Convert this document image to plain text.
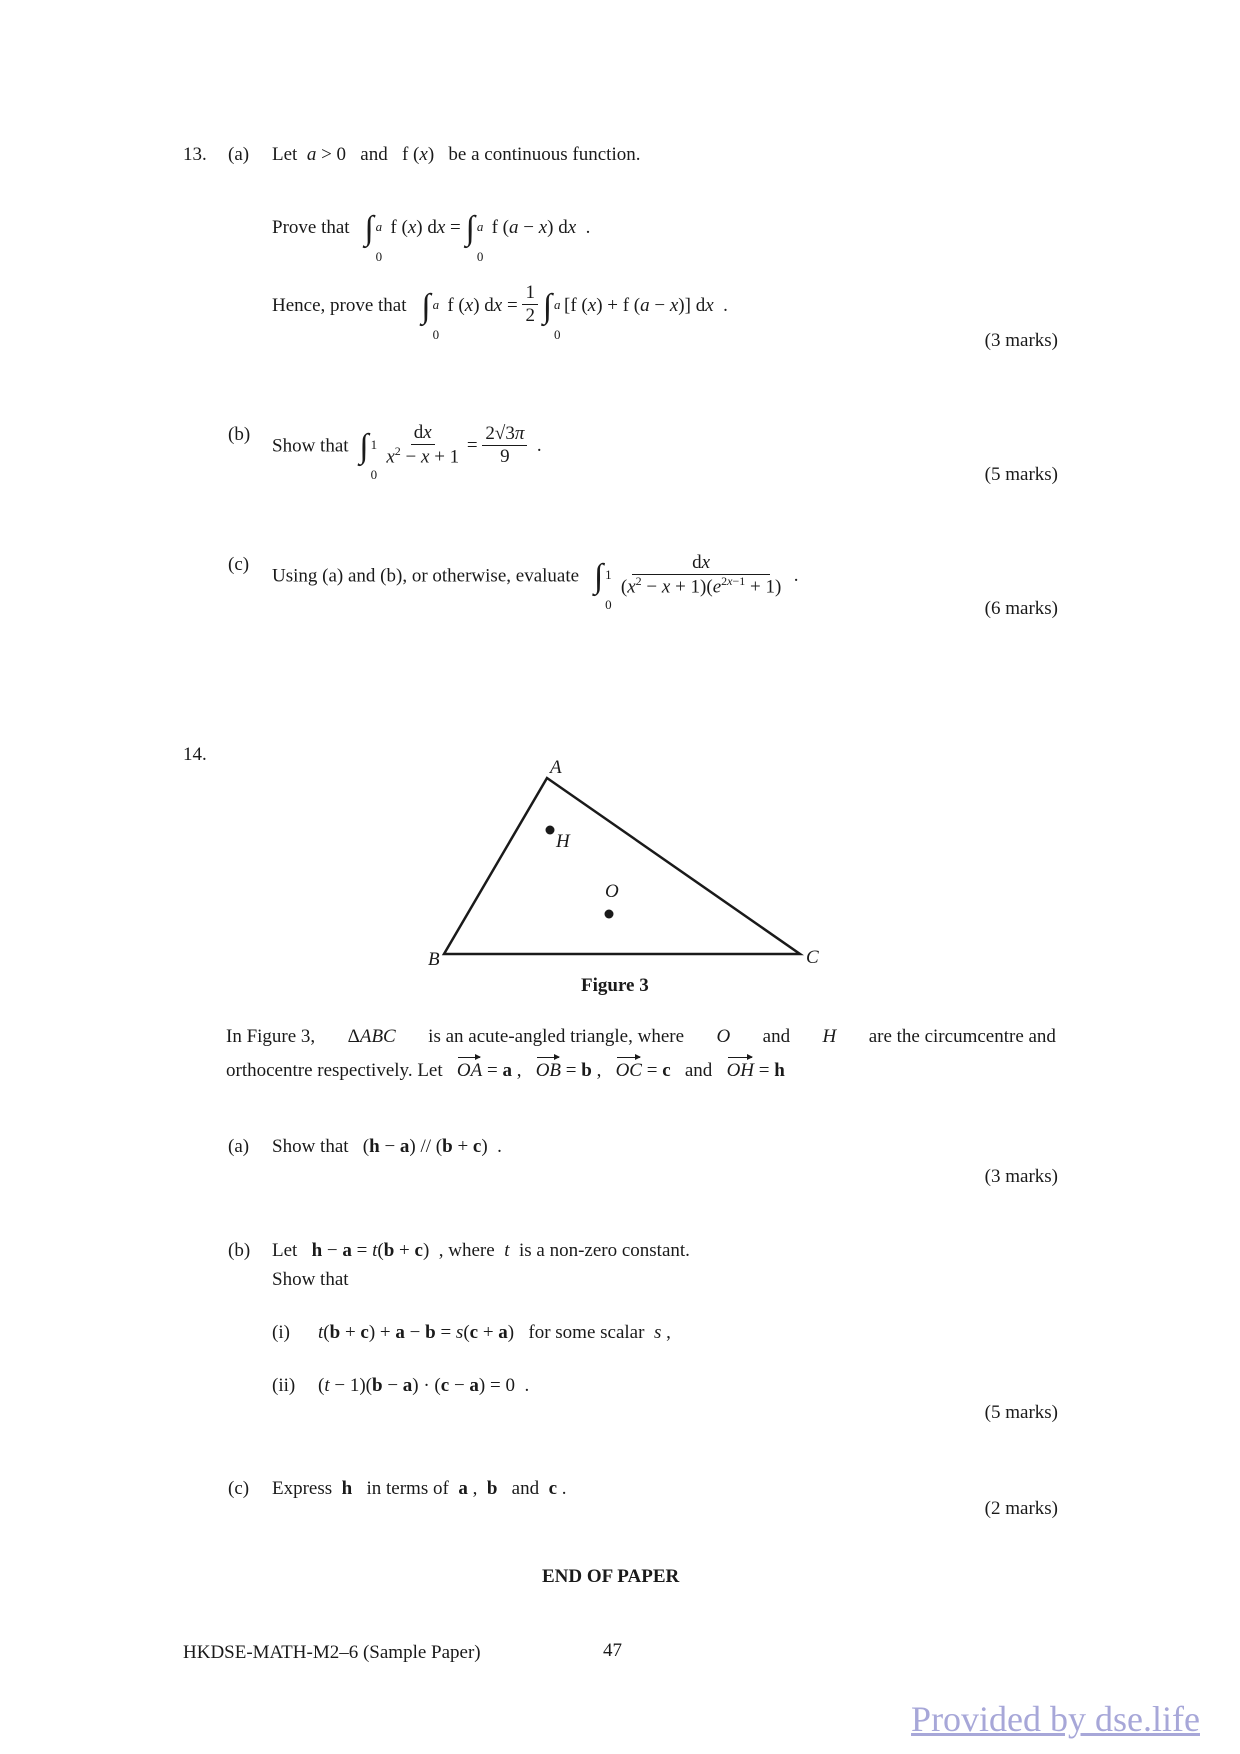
13. (a) Let a > 0   and f (x) be a continuous function.
Prove that ∫ a
0
f (x) dx = ∫ a
0
f (a − x) dx  .
Hence, prove that ∫ a
0
f (x) dx = $\frac{1}{2}$ ∫ a
0
[f (x) + f (a − x)] dx  .
(3 marks)
(b)
Show that ∫ 1
0

$\frac{dx}{x^2 - x + 1} = \frac{2√3\pi}{9}$ .
(5 marks)
(c)
Using (a) and (b), or otherwise, evaluate ∫ 1
0

$\frac{dx}{(x^2 - x + 1)(e^{2x-1} + 1)}$ .
(6 marks)
14.
A
B	C
H
O
Figure 3
In Figure 3, ΔABC is an acute-angled triangle, where O and H are the circumcentre and
orthocentre respectively. Let OA = a ,   OB = b ,   OC = c and OH = h
(a) Show that (h − a) // (b + c)  .
(3 marks)
(b) Let h − a = t(b + c) , where t is a non-zero constant.
Show that
(i) t(b + c) + a − b = s(c + a) for some scalar s ,
(ii) (t − 1)(b − a) · (c − a) = 0  .
(5 marks)
(c) Express h in terms of a ,  b and c .
(2 marks)
END OF PAPER
HKDSE-MATH-M2–6 (Sample Paper)	47
Provided by dse.life
